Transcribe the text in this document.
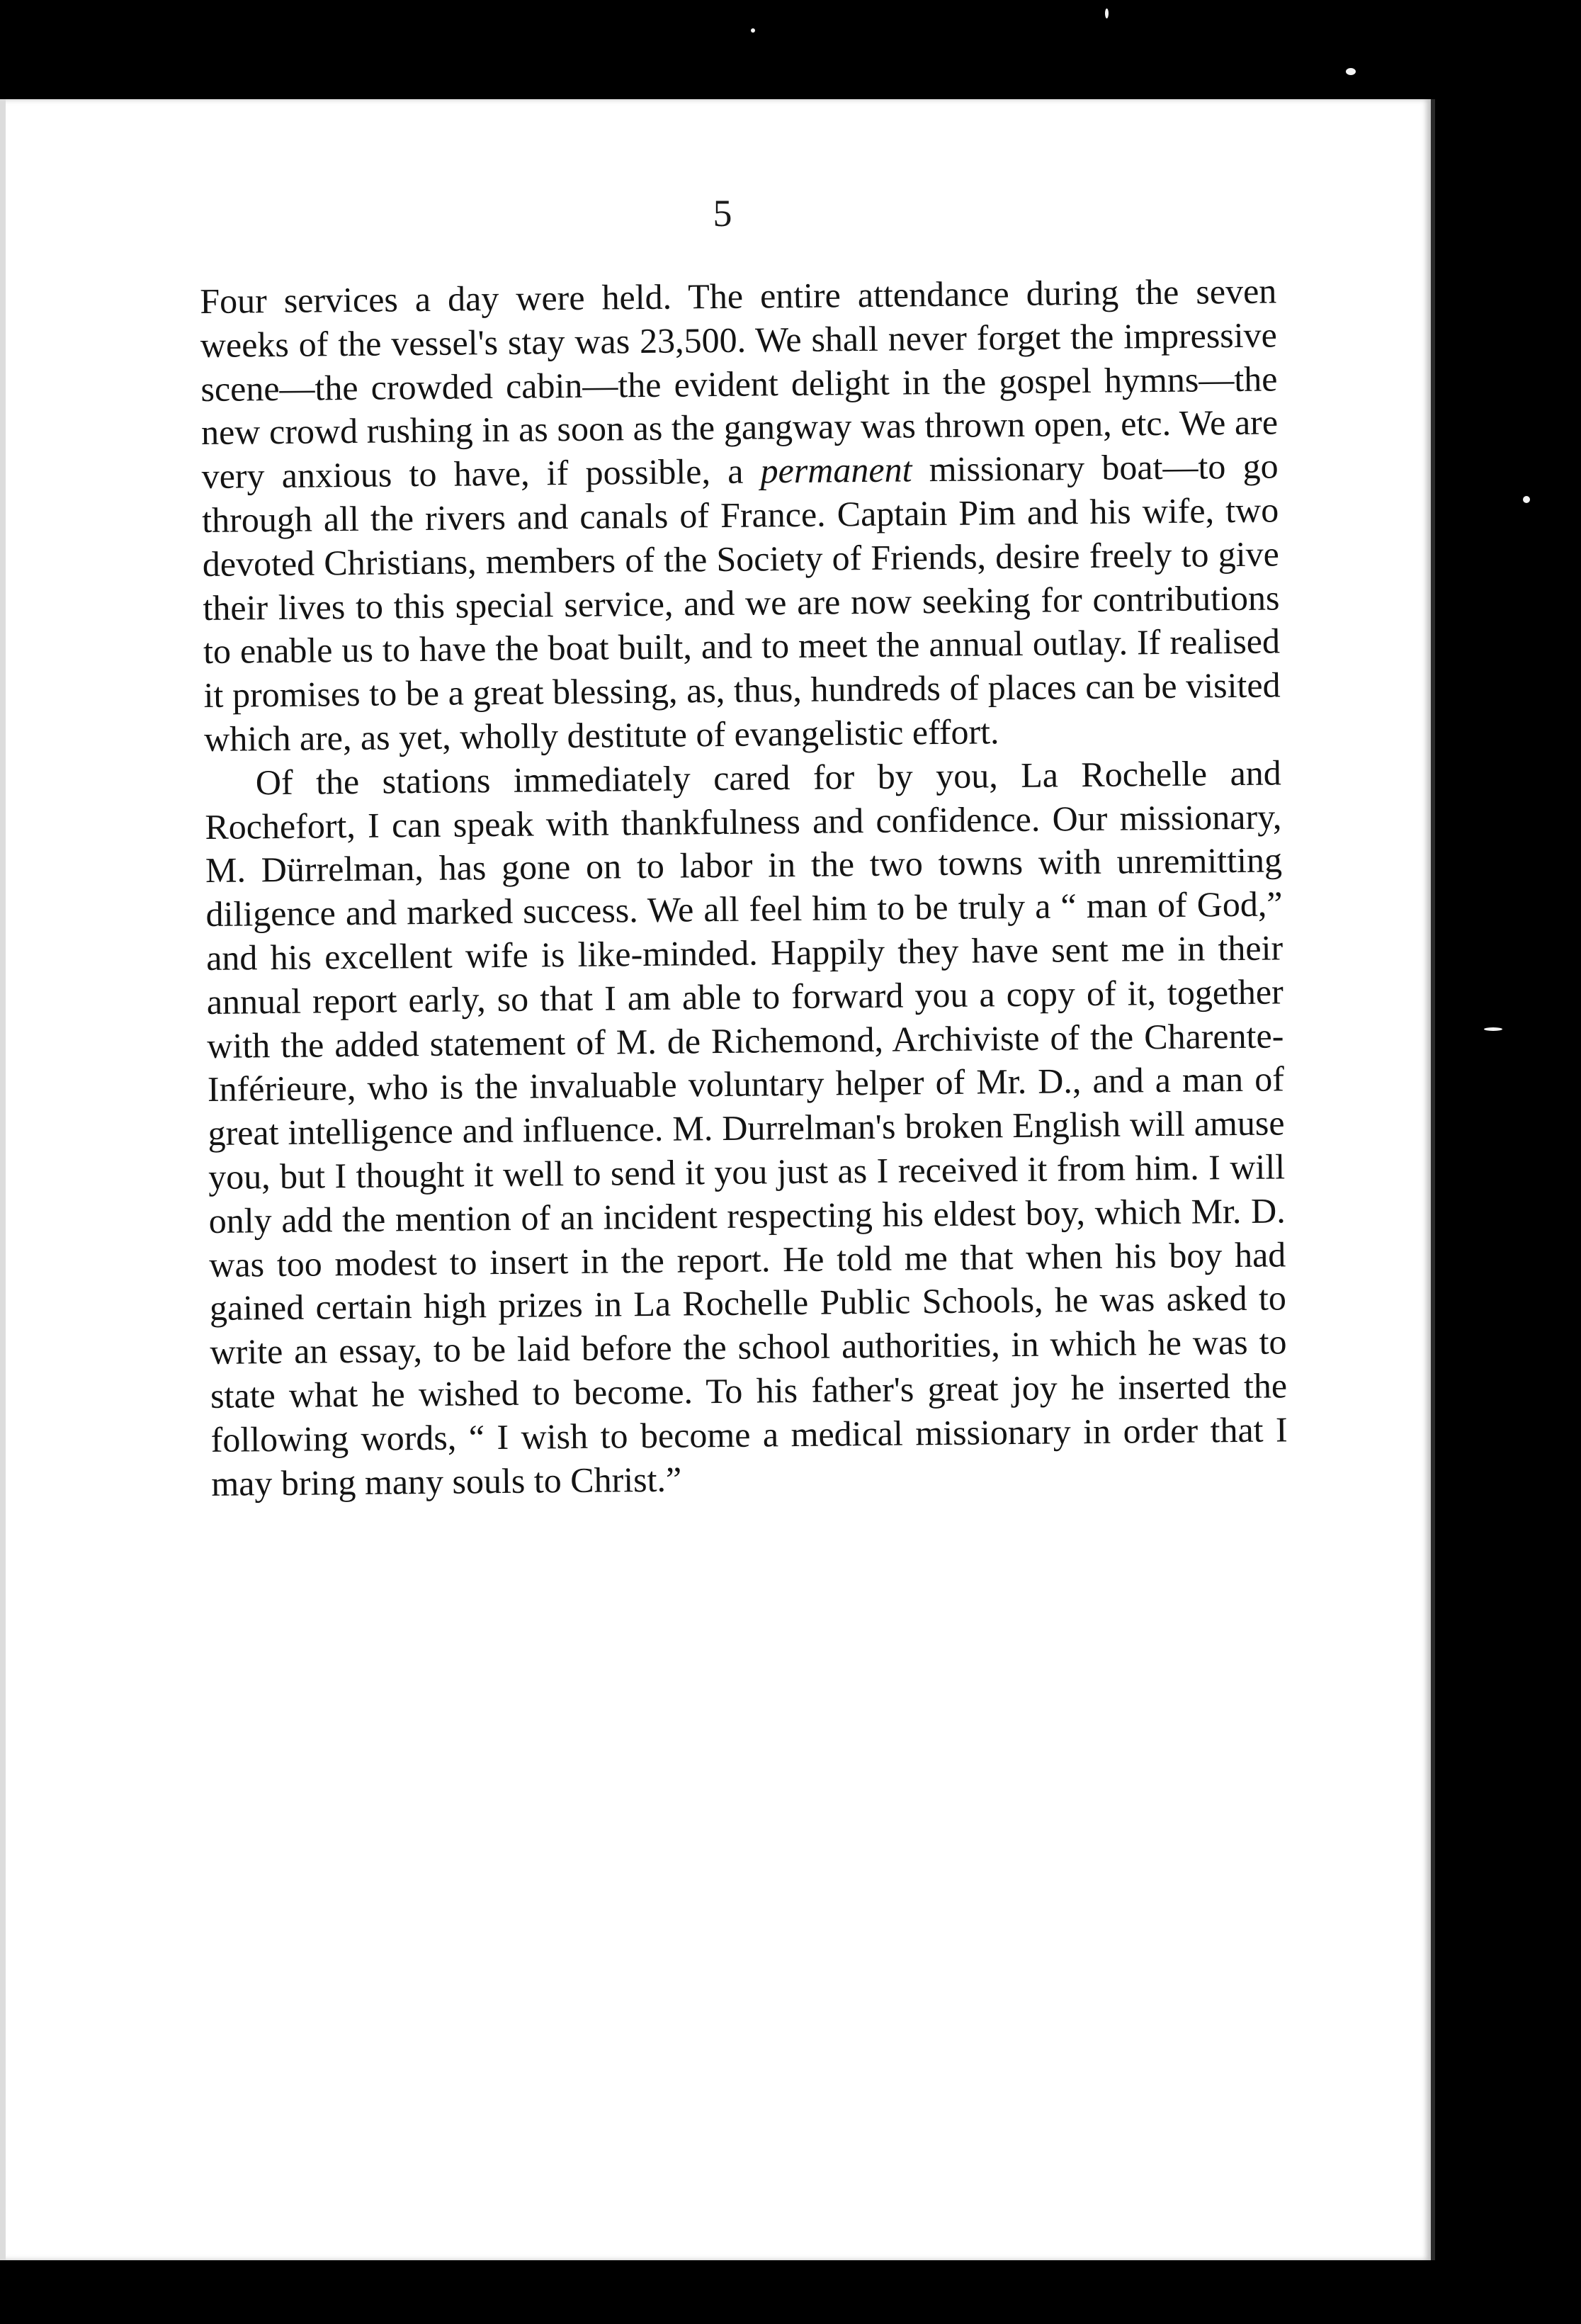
5

Four services a day were held. The entire attendance during the seven weeks of the vessel's stay was 23,500. We shall never forget the impressive scene—the crowded cabin—the evident delight in the gospel hymns—the new crowd rushing in as soon as the gangway was thrown open, etc. We are very anxious to have, if possible, a permanent missionary boat—to go through all the rivers and canals of France. Captain Pim and his wife, two devoted Christians, members of the Society of Friends, desire freely to give their lives to this special service, and we are now seeking for contributions to enable us to have the boat built, and to meet the annual outlay. If realised it promises to be a great blessing, as, thus, hundreds of places can be visited which are, as yet, wholly destitute of evangelistic effort.

Of the stations immediately cared for by you, La Rochelle and Rochefort, I can speak with thankfulness and confidence. Our missionary, M. Dürrelman, has gone on to labor in the two towns with unremitting diligence and marked success. We all feel him to be truly a “ man of God,” and his excellent wife is like-minded. Happily they have sent me in their annual report early, so that I am able to forward you a copy of it, together with the added statement of M. de Richemond, Archiviste of the Charente-Inférieure, who is the invaluable voluntary helper of Mr. D., and a man of great intelligence and influence. M. Durrelman's broken English will amuse you, but I thought it well to send it you just as I received it from him. I will only add the mention of an incident respecting his eldest boy, which Mr. D. was too modest to insert in the report. He told me that when his boy had gained certain high prizes in La Rochelle Public Schools, he was asked to write an essay, to be laid before the school authorities, in which he was to state what he wished to become. To his father's great joy he inserted the following words, “ I wish to become a medical missionary in order that I may bring many souls to Christ.”
